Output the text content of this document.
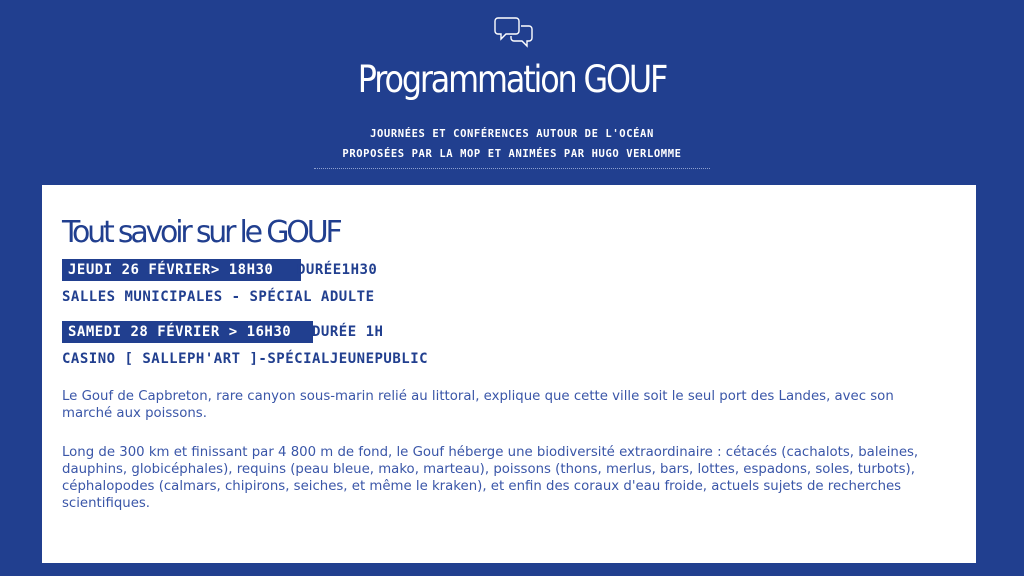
Programmation GOUF
JOURNÉES ET CONFÉRENCES AUTOUR DE L'OCÉAN
PROPOSÉES PAR LA MOP ET ANIMÉES PAR HUGO VERLOMME
Tout savoir sur le GOUF
JEUDI 26 FÉVRIER> 18H30	DURÉE1H30
SALLES MUNICIPALES - SPÉCIAL ADULTE
SAMEDI 28 FÉVRIER > 16H30	DURÉE 1H
CASINO [ SALLEPH'ART ]-SPÉCIALJEUNEPUBLIC

Le Gouf de Capbreton, rare canyon sous-marin relié au littoral, explique que cette ville soit le seul port des Landes, avec son marché aux poissons.

Long de 300 km et finissant par 4 800 m de fond, le Gouf héberge une biodiversité extraordinaire : cétacés (cachalots, baleines, dauphins, globicéphales), requins (peau bleue, mako, marteau), poissons (thons, merlus, bars, lottes, espadons, soles, turbots), céphalopodes (calmars, chipirons, seiches, et même le kraken), et enfin des coraux d'eau froide, actuels sujets de recherches scientifiques.
